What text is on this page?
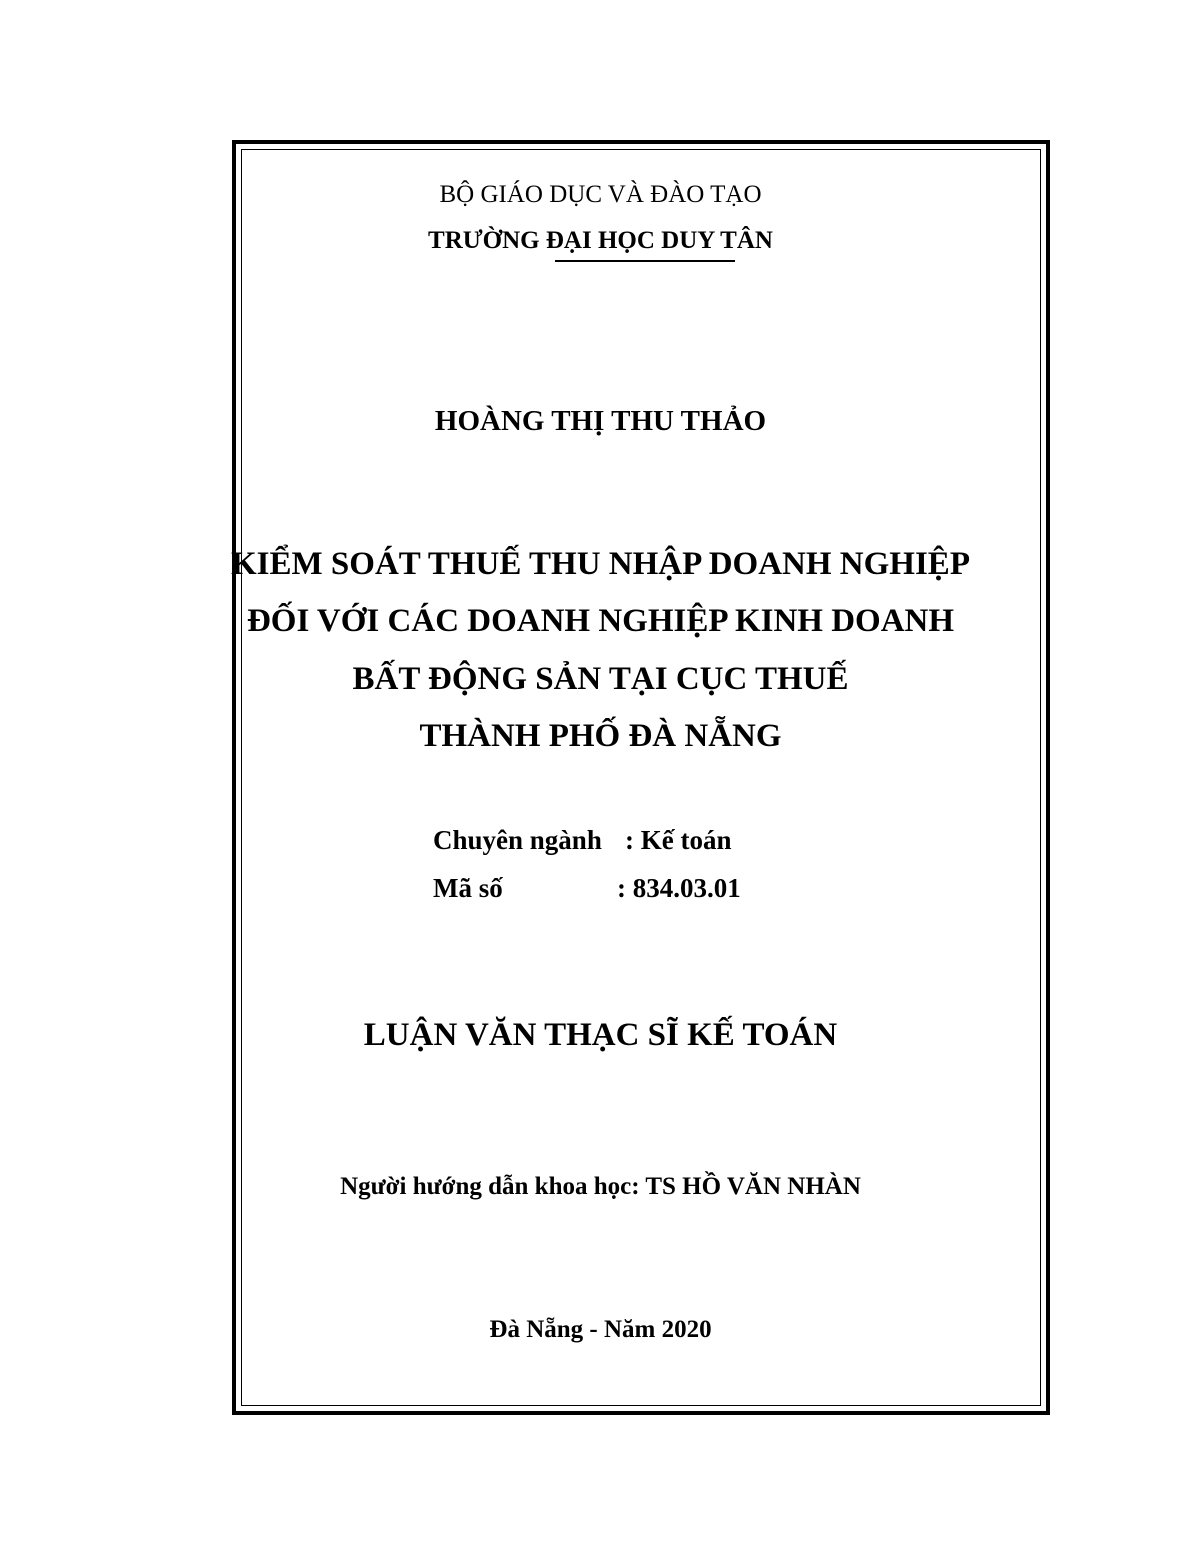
BỘ GIÁO DỤC VÀ ĐÀO TẠO
TRƯỜNG ĐẠI HỌC DUY TÂN
HOÀNG THỊ THU THẢO
KIỂM SOÁT THUẾ THU NHẬP DOANH NGHIỆP
ĐỐI VỚI CÁC DOANH NGHIỆP KINH DOANH
BẤT ĐỘNG SẢN TẠI CỤC THUẾ
THÀNH PHỐ ĐÀ NẴNG
Chuyên ngành : Kế toán
Mã số	: 834.03.01
LUẬN VĂN THẠC SĨ KẾ TOÁN
Người hướng dẫn khoa học: TS HỒ VĂN NHÀN
Đà Nẵng - Năm 2020
